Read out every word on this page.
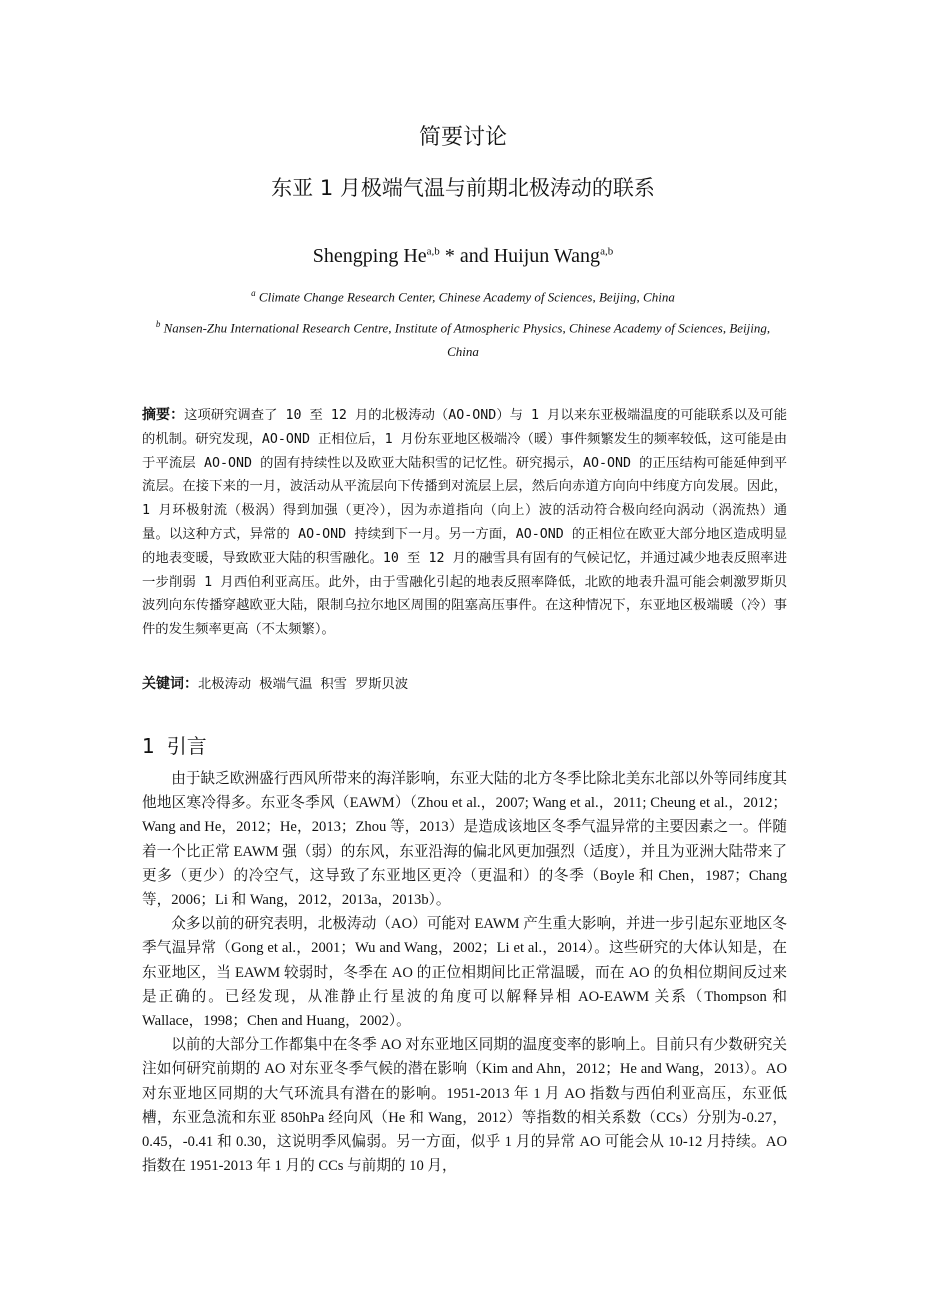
简要讨论
东亚 1 月极端气温与前期北极涛动的联系
Shengping He$^{a,b}$ * and Huijun Wang$^{a,b}$
$^a$ Climate Change Research Center, Chinese Academy of Sciences, Beijing, China
$^b$ Nansen-Zhu International Research Centre, Institute of Atmospheric Physics, Chinese Academy of Sciences, Beijing, China
摘要：这项研究调查了 10 至 12 月的北极涛动（AO-OND）与 1 月以来东亚极端温度的可能联系以及可能的机制。研究发现，AO-OND 正相位后，1 月份东亚地区极端冷（暖）事件频繁发生的频率较低，这可能是由于平流层 AO-OND 的固有持续性以及欧亚大陆积雪的记忆性。研究揭示，AO-OND 的正压结构可能延伸到平流层。在接下来的一月，波活动从平流层向下传播到对流层上层，然后向赤道方向向中纬度方向发展。因此，1 月环极射流（极涡）得到加强（更冷），因为赤道指向（向上）波的活动符合极向经向涡动（涡流热）通量。以这种方式，异常的 AO-OND 持续到下一月。另一方面，AO-OND 的正相位在欧亚大部分地区造成明显的地表变暖，导致欧亚大陆的积雪融化。10 至 12 月的融雪具有固有的气候记忆，并通过减少地表反照率进一步削弱 1 月西伯利亚高压。此外，由于雪融化引起的地表反照率降低，北欧的地表升温可能会刺激罗斯贝波列向东传播穿越欧亚大陆，限制乌拉尔地区周围的阻塞高压事件。在这种情况下，东亚地区极端暖（冷）事件的发生频率更高（不太频繁）。
关键词：北极涛动 极端气温 积雪 罗斯贝波
1 引言

由于缺乏欧洲盛行西风所带来的海洋影响，东亚大陆的北方冬季比除北美东北部以外等同纬度其他地区寒冷得多。东亚冬季风（EAWM）（Zhou et al.，2007; Wang et al.，2011; Cheung et al.，2012；Wang and He，2012；He，2013；Zhou 等，2013）是造成该地区冬季气温异常的主要因素之一。伴随着一个比正常 EAWM 强（弱）的东风，东亚沿海的偏北风更加强烈（适度），并且为亚洲大陆带来了更多（更少）的冷空气，这导致了东亚地区更冷（更温和）的冬季（Boyle 和 Chen，1987；Chang 等，2006；Li 和 Wang，2012，2013a，2013b）。

众多以前的研究表明，北极涛动（AO）可能对 EAWM 产生重大影响，并进一步引起东亚地区冬季气温异常（Gong et al.，2001；Wu and Wang，2002；Li et al.，2014）。这些研究的大体认知是，在东亚地区，当 EAWM 较弱时，冬季在 AO 的正位相期间比正常温暖，而在 AO 的负相位期间反过来是正确的。已经发现，从准静止行星波的角度可以解释异相 AO-EAWM 关系（Thompson 和 Wallace，1998；Chen and Huang，2002）。

以前的大部分工作都集中在冬季 AO 对东亚地区同期的温度变率的影响上。目前只有少数研究关注如何研究前期的 AO 对东亚冬季气候的潜在影响（Kim and Ahn，2012；He and Wang，2013）。AO 对东亚地区同期的大气环流具有潜在的影响。1951-2013 年 1 月 AO 指数与西伯利亚高压，东亚低槽，东亚急流和东亚 850hPa 经向风（He 和 Wang，2012）等指数的相关系数（CCs）分别为-0.27，0.45，-0.41 和 0.30，这说明季风偏弱。另一方面，似乎 1 月的异常 AO 可能会从 10-12 月持续。AO 指数在 1951-2013 年 1 月的 CCs 与前期的 10 月，
